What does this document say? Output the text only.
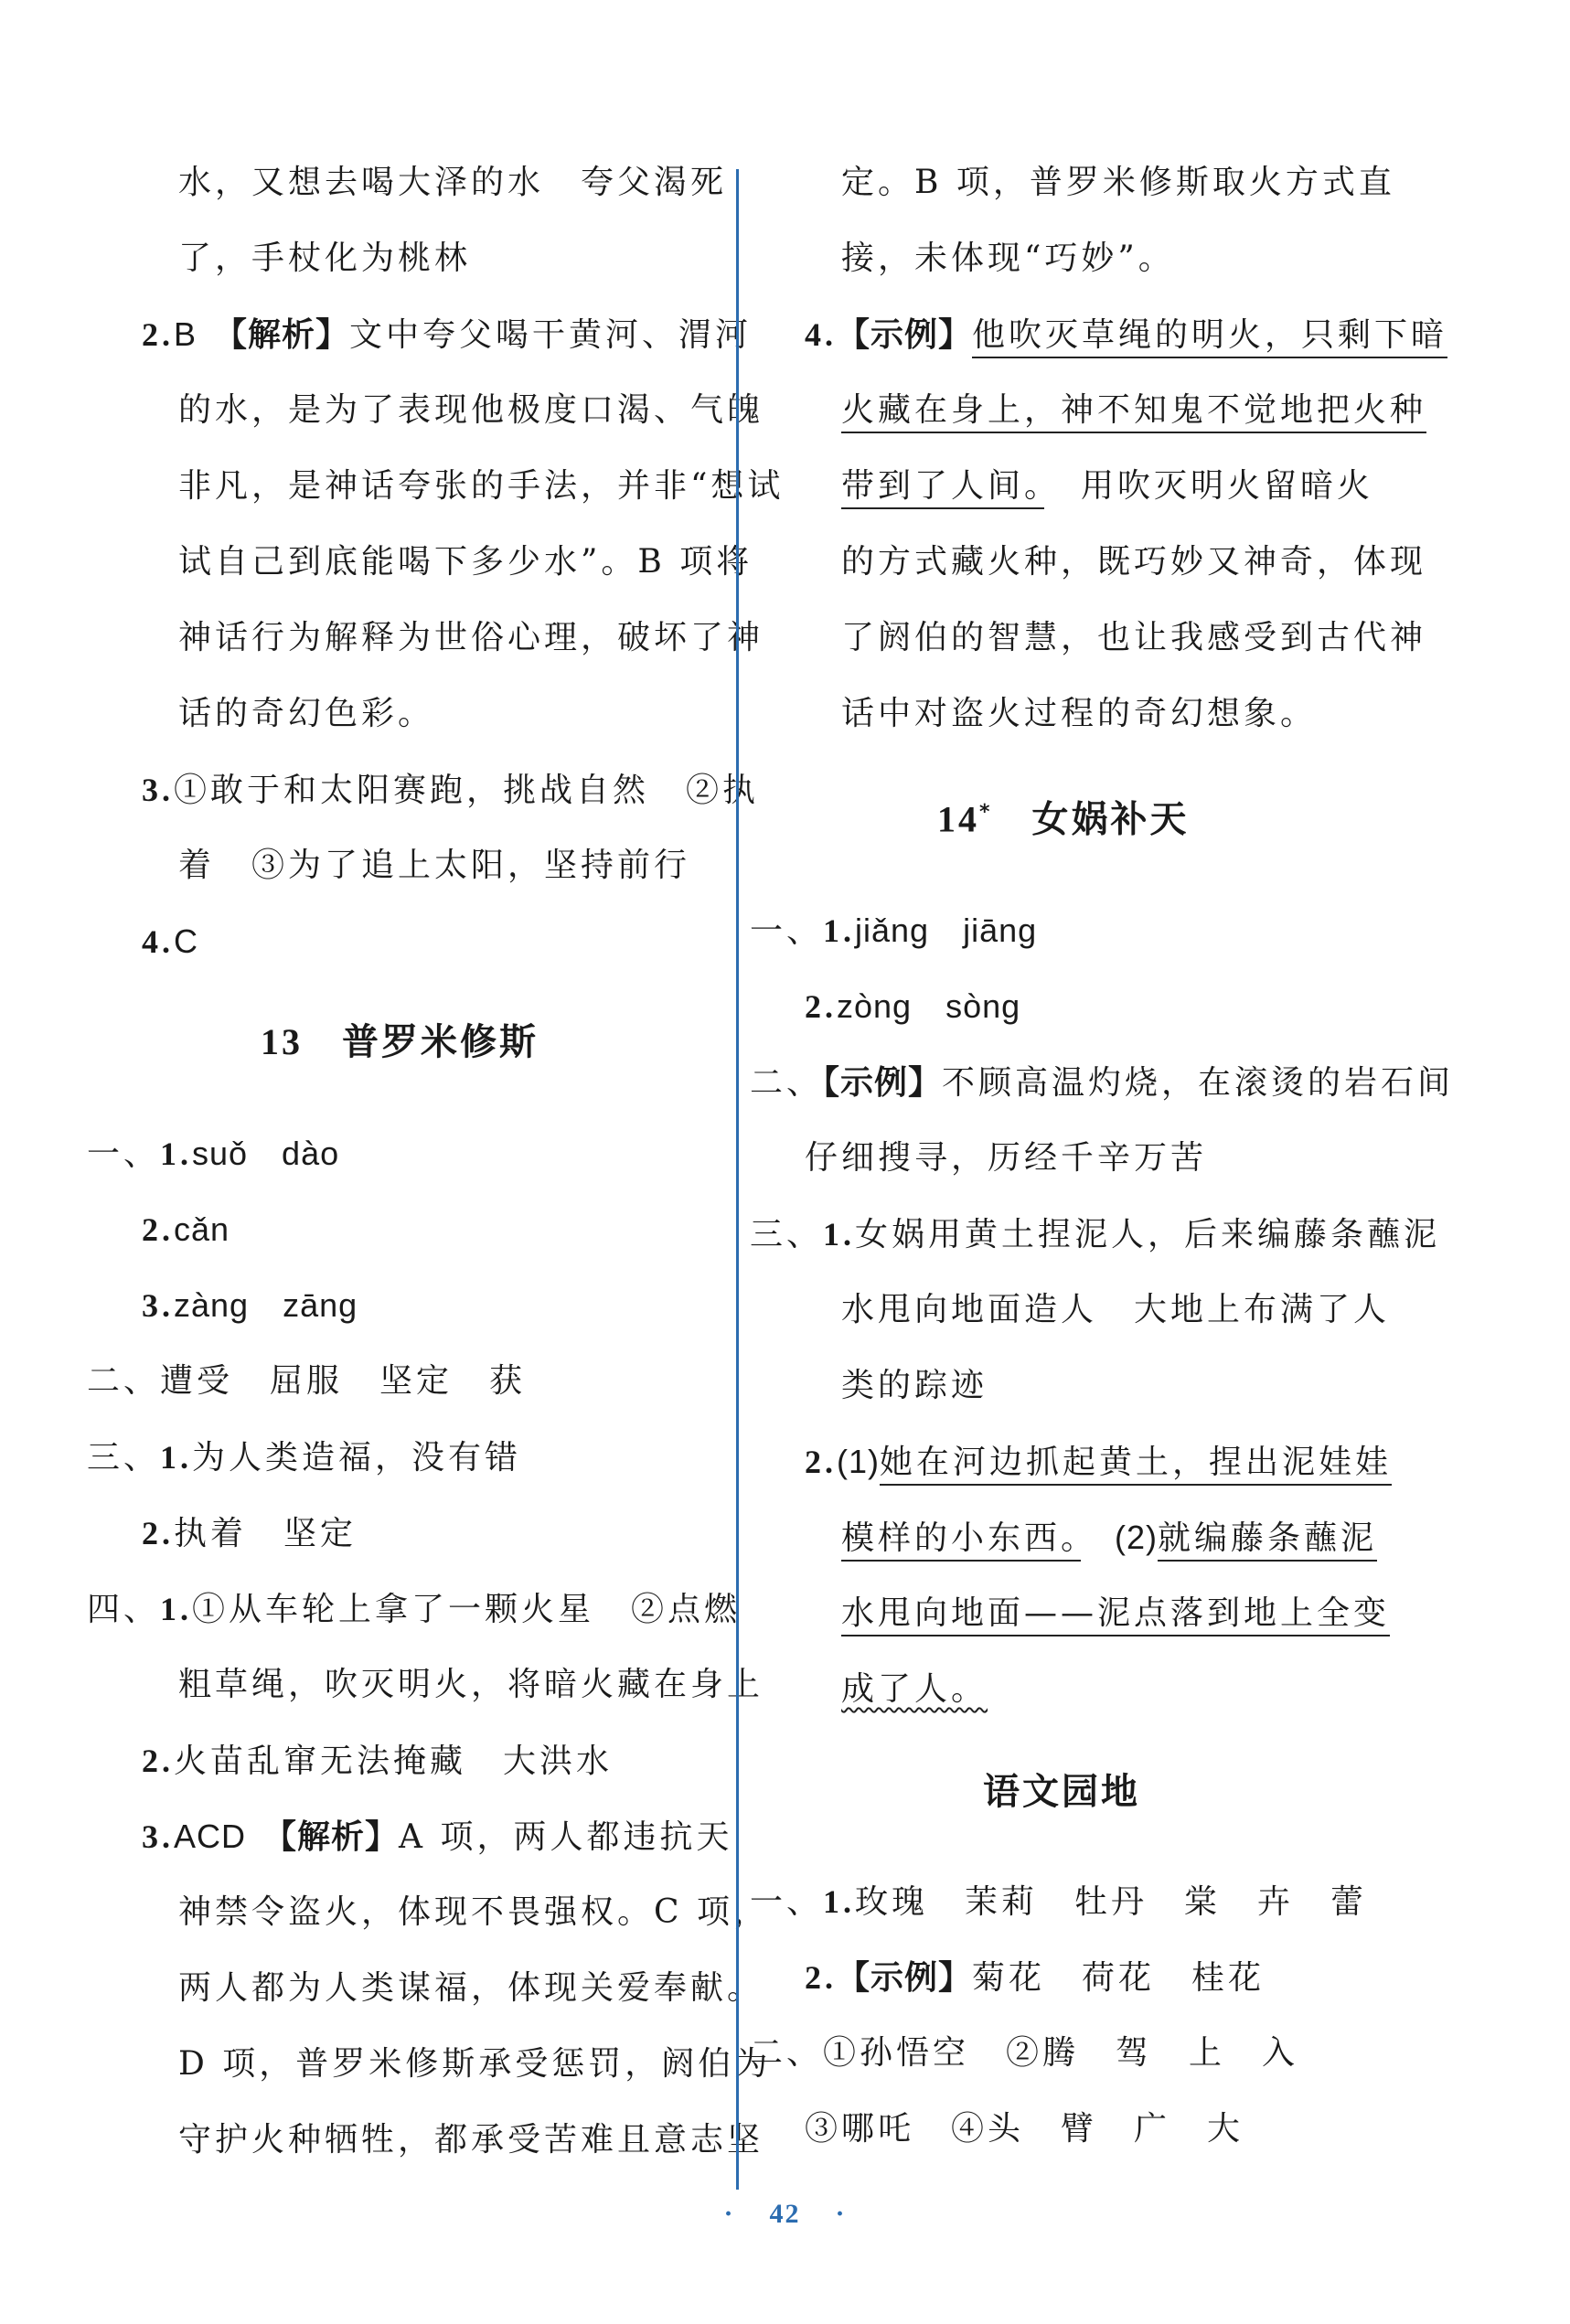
水，又想去喝大泽的水　夸父渴死
了，手杖化为桃林
2.B　【解析】文中夸父喝干黄河、渭河
的水，是为了表现他极度口渴、气魄
非凡，是神话夸张的手法，并非“想试
试自己到底能喝下多少水”。B 项将
神话行为解释为世俗心理，破坏了神
话的奇幻色彩。
3.①敢于和太阳赛跑，挑战自然　②执
着　③为了追上太阳，坚持前行
4.C
13　 普罗米修斯
一、1.suǒ　dào
2.cǎn
3.zàng　zāng
二、遭受　屈服　坚定　获
三、1.为人类造福，没有错
2.执着　坚定
四、1.①从车轮上拿了一颗火星　②点燃
粗草绳，吹灭明火，将暗火藏在身上
2.火苗乱窜无法掩藏　大洪水
3.ACD　【解析】A 项，两人都违抗天
神禁令盗火，体现不畏强权。C 项，
两人都为人类谋福，体现关爱奉献。
D 项，普罗米修斯承受惩罚，阏伯为
守护火种牺牲，都承受苦难且意志坚
定。B 项，普罗米修斯取火方式直
接，未体现“巧妙”。
4.【示例】他吹灭草绳的明火，只剩下暗
火藏在身上，神不知鬼不觉地把火种
带到了人间。　用吹灭明火留暗火
的方式藏火种，既巧妙又神奇，体现
了阏伯的智慧，也让我感受到古代神
话中对盗火过程的奇幻想象。
14*　 女娲补天
一、1.jiǎng　jiāng
2.zòng　sòng
二、【示例】不顾高温灼烧，在滚烫的岩石间
仔细搜寻，历经千辛万苦
三、1.女娲用黄土捏泥人，后来编藤条蘸泥
水甩向地面造人　大地上布满了人
类的踪迹
2.(1)她在河边抓起黄土，捏出泥娃娃
模样的小东西。　(2)就编藤条蘸泥
水甩向地面——泥点落到地上全变
成了人。
语文园地
一、1.玫瑰　茉莉　牡丹　棠　卉　蕾
2.【示例】菊花　荷花　桂花
二、①孙悟空　②腾　驾　上　入
③哪吒　④头　臂　广　大
· 42 ·
